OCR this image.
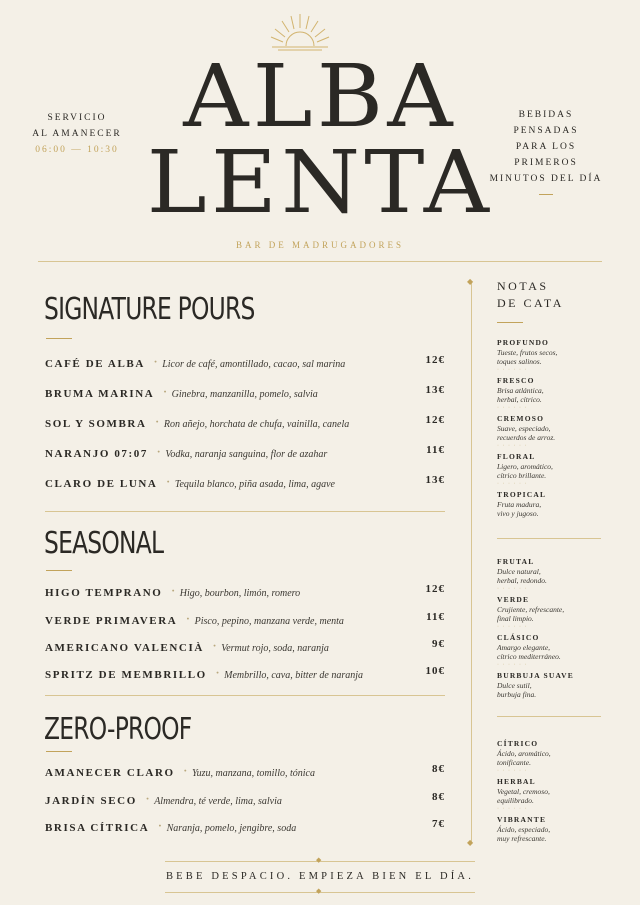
SERVICIO
AL AMANECER
06:00 — 10:30
ALBA
LENTA
BEBIDAS PENSADAS
PARA LOS PRIMEROS
MINUTOS DEL DÍA
BAR DE MADRUGADORES
SIGNATURE POURS
CAFÉ DE ALBA · Licor de café, amontillado, cacao, sal marina	12€
BRUMA MARINA · Ginebra, manzanilla, pomelo, salvia	13€
SOL Y SOMBRA · Ron añejo, horchata de chufa, vainilla, canela	12€
NARANJO 07:07 · Vodka, naranja sanguina, flor de azahar	11€
CLARO DE LUNA · Tequila blanco, piña asada, lima, agave	13€
SEASONAL
HIGO TEMPRANO · Higo, bourbon, limón, romero	12€
VERDE PRIMAVERA · Pisco, pepino, manzana verde, menta	11€
AMERICANO VALENCIÀ · Vermut rojo, soda, naranja	9€
SPRITZ DE MEMBRILLO · Membrillo, cava, bitter de naranja	10€
ZERO-PROOF
AMANECER CLARO · Yuzu, manzana, tomillo, tónica	8€
JARDÍN SECO · Almendra, té verde, lima, salvia	8€
BRISA CÍTRICA · Naranja, pomelo, jengibre, soda	7€
◆
◆
NOTAS
DE CATA
PROFUNDO
Tueste, frutos secos,
toques salinos.
· · · · · ·
FRESCO
Brisa atlántica,
herbal, cítrico.
· · · · · ·
CREMOSO
Suave, especiado,
recuerdos de arroz.
· · · · · ·
FLORAL
Ligero, aromático,
cítrico brillante.
· · · · · ·
TROPICAL
Fruta madura,
vivo y jugoso.
FRUTAL
Dulce natural,
herbal, redondo.
· · · · · ·
VERDE
Crujiente, refrescante,
final limpio.
· · · · · ·
CLÁSICO
Amargo elegante,
cítrico mediterráneo.
· · · · · ·
BURBUJA SUAVE
Dulce sutil,
burbuja fina.
CÍTRICO
Ácido, aromático,
tonificante.
· · · · · ·
HERBAL
Vegetal, cremoso,
equilibrado.
· · · · · ·
VIBRANTE
Ácido, especiado,
muy refrescante.
◆
BEBE DESPACIO. EMPIEZA BIEN EL DÍA.
◆
